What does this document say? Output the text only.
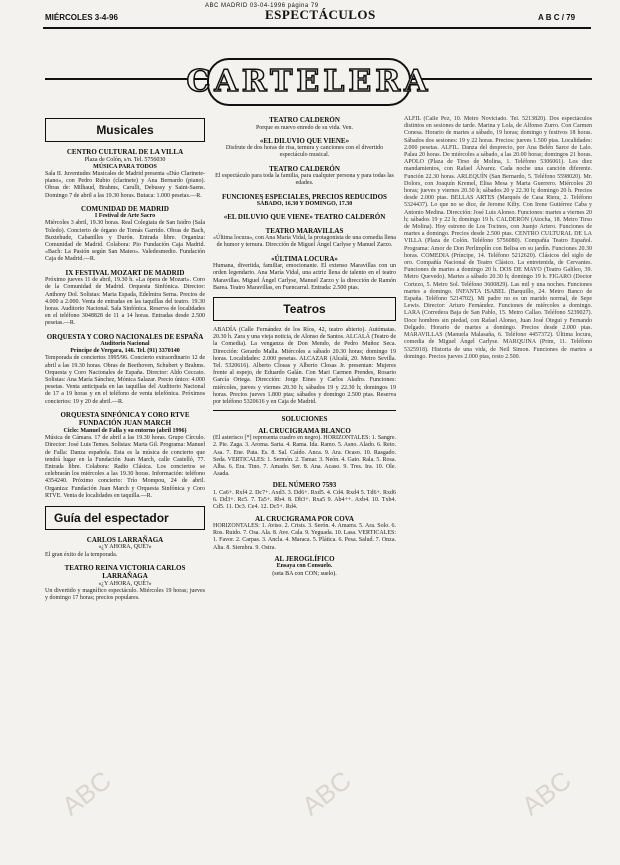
ABC MADRID 03-04-1996 página 79
MIÉRCOLES 3-4-96	ESPECTÁCULOS	A B C / 79
CARTELERA
ABC	ABC	ABC
Musicales
CENTRO CULTURAL DE LA VILLA
Plaza de Colón, s/n. Tel. 5756030
MÚSICA PARA TODOS
Sala II. Juventudes Musicales de Madrid presenta «Dúo Clarinete-piano», con Pedro Rubio (clarinete) y Ana Bernardo (piano). Obras de: Milhaud, Brahms, Carulli, Debussy y Saint-Saens. Domingo 7 de abril a las 19.30 horas. Butaca: 1.000 pesetas.—R.
COMUNIDAD DE MADRID
I Festival de Arte Sacro
Miércoles 3 abril, 19.30 horas. Real Colegiata de San Isidro (Sala Toledo). Concierto de órgano de Tomás Garrido. Obras de Bach, Buxtehude, Cabanilles y Durón. Entrada libre. Organiza: Comunidad de Madrid. Colabora: Pio Fundación Caja Madrid. «Bach: La Pasión según San Mateo». Valedesmedio. Fundación Caja de Madrid.—R.
IX FESTIVAL MOZART DE MADRID
Próximo jueves 11 de abril, 19.30 h. «La ópera de Mozart». Coro de la Comunidad de Madrid. Orquesta Sinfónica. Director: Anthony Dol. Solistas: Maria Espada, Edelmira Serna. Precios de 4.000 a 2.000. Venta de entradas en las taquillas del teatro. 19.30 horas. Auditorio Nacional. Sala Sinfónica. Reserva de localidades en el teléfono 3048828 de 11 a 14 horas. Entradas desde 2.500 pesetas.—R.
ORQUESTA Y CORO NACIONALES DE ESPAÑA
Auditorio Nacional
Príncipe de Vergara, 146. Tel. (91) 3370140
Temporada de conciertos 1995/96. Concierto extraordinario 12 de abril a las 19.30 horas. Obras de Beethoven, Schubert y Brahms. Orquesta y Coro Nacionales de España. Director: Aldo Ceccato. Solistas: Ana María Sánchez, Mónica Salazar. Precio único: 4.000 pesetas. Venta anticipada en las taquillas del Auditorio Nacional de 17 a 19 horas y en el teléfono de venta telefónica. Próximos conciertos: 19 y 20 de abril.—R.
ORQUESTA SINFÓNICA Y CORO RTVE FUNDACIÓN JUAN MARCH
Ciclo: Manuel de Falla y su entorno (abril 1996)
Música de Cámara. 17 de abril a las 19.30 horas. Grupo Círculo. Director: José Luis Temes. Solistas: Marta Gil. Programa: Manuel de Falla: Danza española. Esta es la música de concierto que tendrá lugar en la Fundación Juan March, calle Castelló, 77. Entrada libre. Colabora: Radio Clásica. Los conciertos se celebrarán los miércoles a las 19.30 horas. Información: teléfono 4354240. Próximo concierto: Trío Mompou, 24 de abril. Organiza: Fundación Juan March y Orquesta Sinfónica y Coro RTVE. Venta de localidades en taquilla.—R.
Guía del espectador
CARLOS LARRAÑAGA
«¿Y AHORA, QUÉ?»
El gran éxito de la temporada.
TEATRO REINA VICTORIA CARLOS LARRAÑAGA
«¿Y AHORA, QUÉ?»
Un divertido y magnífico espectáculo. Miércoles 19 horas; jueves y domingo 17 horas; precios populares.
TEATRO CALDERÓN
Porque es nuevo enredo de su vida. Ven.
«EL DILUVIO QUE VIENE»
Disfrute de dos horas de risa, ternura y canciones con el divertido espectáculo musical.
TEATRO CALDERÓN
El espectáculo para toda la familia, para cualquier persona y para todas las edades.
FUNCIONES ESPECIALES, PRECIOS REDUCIDOS
SÁBADO, 16.30 Y DOMINGO, 17.30
«EL DILUVIO QUE VIENE» TEATRO CALDERÓN
TEATRO MARAVILLAS
«Última locura», con Ana María Vidal, la protagonista de una comedia llena de humor y ternura. Dirección de Miguel Ángel Carlyse y Manuel Zarzo.
«ÚLTIMA LOCURA»
Humana, divertida, familiar, emocionante. El extenso Maravillas con un orden legendario. Ana María Vidal, una actriz llena de talento en el teatro Maravillas. Miguel Ángel Carlyse, Manuel Zarzo y la dirección de Ramón Barea. Teatro Maravillas, en Fuencarral. Entrada: 2.500 ptas.
Teatros
ABADÍA (Calle Fernández de los Ríos, 42, teatro abierto). Autómatas. 20.30 h. Zara y una vieja noticia, de Alonso de Santos. ALCALÁ (Teatro de la Comedia). La venganza de Don Mendo, de Pedro Muñoz Seca. Dirección: Gerardo Malla. Miércoles a sábado 20.30 horas; domingo 19 horas. Localidades: 2.000 pesetas. ALCAZAR (Alcalá, 20. Metro Sevilla. Tel. 5320616). Alberto Closas y Alberto Closas Jr. presentan: Mujeres frente al espejo, de Eduardo Galán. Con Mari Carmen Prendes, Rosario García Ortega. Dirección: Jorge Eines y Carlos Aladro. Funciones: miércoles, jueves y viernes 20.30 h; sábados 19 y 22.30 h; domingos 19 horas. Precios jueves 1.800 ptas; sábados y domingo 2.500 ptas. Reserva por teléfono 5320616 y en Caja de Madrid.
SOLUCIONES
AL CRUCIGRAMA BLANCO
(El asterisco [*] representa cuadro en negro). HORIZONTALES: 1. Sangre. 2. Pie. Zaga. 3. Aroma. Sarta. 4. Rama. Ida. Ramo. 5. Asno. Alado. 6. Reto. Asa. 7. Ene. Pata. Es. 8. Sal. Caído. Anca. 9. Ara. Ocaso. 10. Rasgado. Seda. VERTICALES: 1. Sermón. 2. Tamar. 3. Neón. 4. Gato. Rala. 5. Rosa. Alba. 6. Era. Tino. 7. Amado. Ser. 8. Ana. Acaso. 9. Tres. Ira. 10. Ole. Asada.
DEL NÚMERO 7593
1. Ca6+. Rxf4 2. Dc7+. Axd3. 3. Dd6+. Rxd5. 4. Cd4. Rxd4 5. Td6+. Rxd6 6. Dd3+. Rc5. 7. Ta5+. Rb4. 8. Db3+. Rxa5 9. Ab4++. Axb4. 10. Txb4. Cd5. 11. Dc3. Ce4. 12. Dc5+. Rd4.
AL CRUCIGRAMA POR COVA
HORIZONTALES: 1. Aviso. 2. Crisis. 3. Serón. 4. Amarra. 5. Ara. Solo. 6. Ros. Ruido. 7. Osa. Ala. 8. Ave. Cala. 9. Yeguada. 10. Lasa. VERTICALES: 1. Favor. 2. Carpas. 3. Ancla. 4. Maraca. 5. Plática. 6. Pesa. Salud. 7. Onza. Alta. 8. Siembra. 9. Ostra.
AL JEROGLÍFICO
Ensaya con Consuelo.
(seta BA con CON; suelo).
ALFIL (Calle Pez, 10. Metro Noviciado. Tel. 5213820). Dos espectáculos distintos en sesiones de tarde. Marina y Lola, de Alfonso Zurro. Con Carmen Conesa. Horario de martes a sábado, 19 horas; domingo y festivos 18 horas. Sábados dos sesiones: 19 y 22 horas. Precios: jueves 1.500 ptas. Localidades: 2.000 pesetas. ALFIL. Danza del desprecio, por Ana Belén Sarce de Lalo. Palau 20 horas. De miércoles a sábado, a las 20.00 horas; domingos 21 horas. APOLO (Plaza de Tirso de Molina, 1. Teléfono 5306061). Los diez mandamientos, con Rafael Álvarez. Cada noche una canción diferente. Función 22.30 horas. ARLEQUÍN (San Bernardo, 5. Teléfono 5598020). Mr. Dolors, con Joaquín Kremel, Elisa Mesa y Marta Guerrero. Miércoles 20 horas; jueves y viernes 20.30 h; sábados 20 y 22.30 h; domingo 20 h. Precios desde 2.000 ptas. BELLAS ARTES (Marqués de Casa Riera, 2. Teléfono 5324437). Lo que no se dice, de Jerome Kilty. Con Irene Gutiérrez Caba y Antonio Medina. Dirección: José Luis Alonso. Funciones: martes a viernes 20 h; sábados 19 y 22 h; domingo 19 h. CALDERÓN (Atocha, 18. Metro Tirso de Molina). Hoy estreno de Los Tocinos, con Juanjo Artero. Funciones de martes a domingo. Precios desde 2.500 ptas. CENTRO CULTURAL DE LA VILLA (Plaza de Colón. Teléfono 5756080). Compañía Teatro Español. Programa: Amor de Don Perlimplín con Belisa en su jardín. Funciones 20.30 horas. COMEDIA (Príncipe, 14. Teléfono 5212620). Clásicos del siglo de oro. Compañía Nacional de Teatro Clásico. La entretenida, de Cervantes. Funciones de martes a domingo 20 h. DOS DE MAYO (Teatro Galileo, 39. Metro Quevedo). Martes a sábado 20.30 h; domingo 19 h. FIGARO (Doctor Cortezo, 5. Metro Sol. Teléfono 3600829). Las mil y una noches. Funciones martes a domingo. INFANTA ISABEL (Barquillo, 24. Metro Banco de España. Teléfono 5214702). Mi padre no es un marido normal, de Sepe Lewis. Director: Arturo Fernández. Funciones de miércoles a domingo. LARA (Corredera Baja de San Pablo, 15. Metro Callao. Teléfono 5239027). Doce hombres sin piedad, con Rafael Alonso, Juan José Otegui y Fernando Delgado. Horario de martes a domingo. Precios desde 2.000 ptas. MARAVILLAS (Manuela Malasaña, 6. Teléfono 4457372). Última locura, comedia de Miguel Ángel Carlyse. MARQUINA (Prim, 11. Teléfono 5325918). Historia de una vida, de Neil Simon. Funciones de martes a domingo. Precios jueves 2.000 ptas, resto 2.500.
